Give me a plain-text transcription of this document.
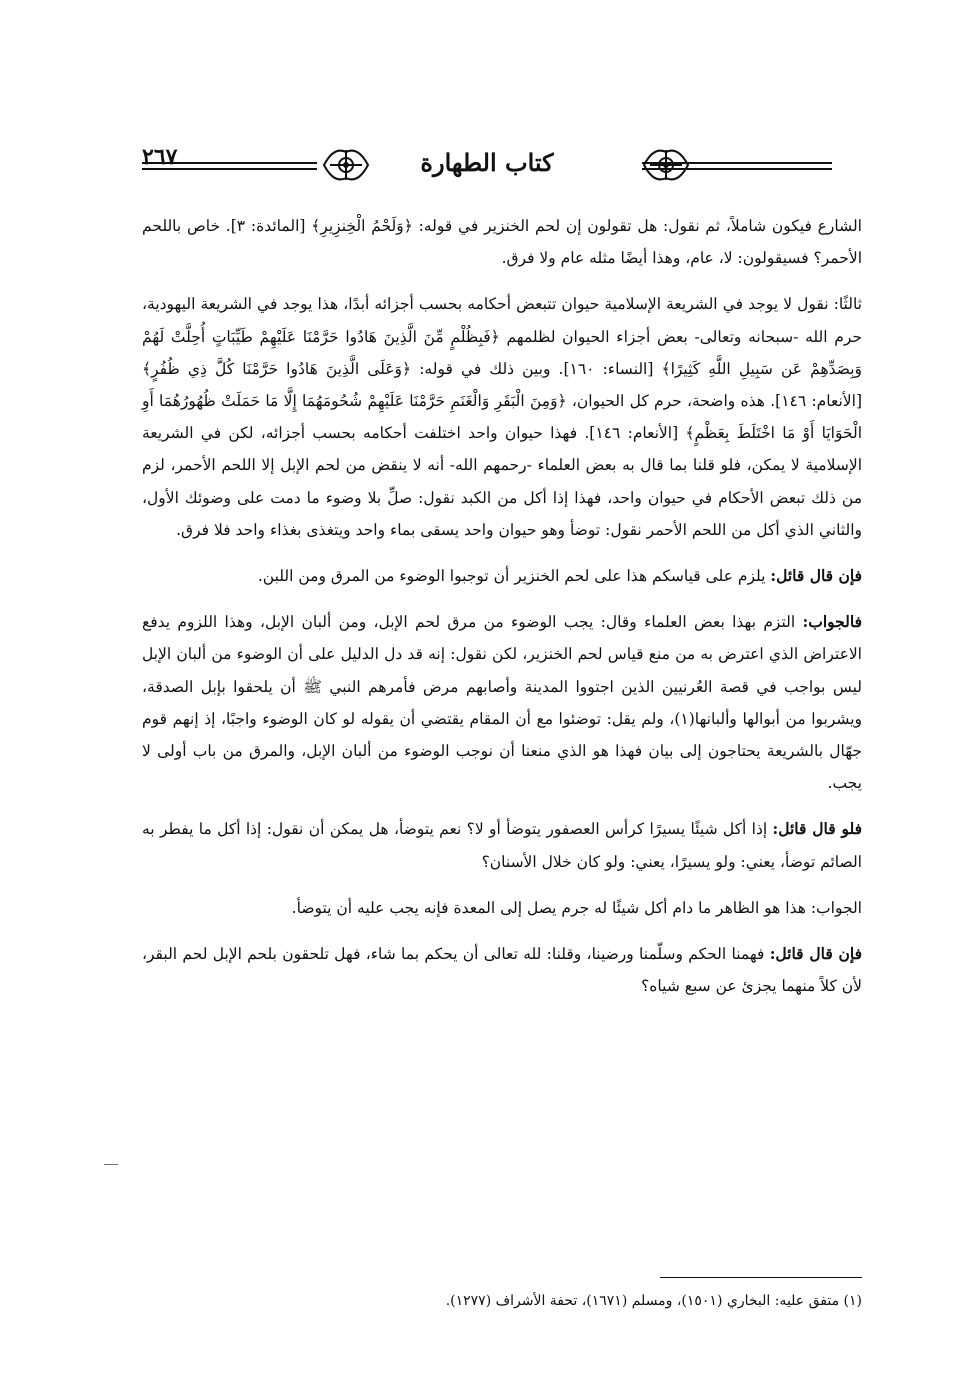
٢٦٧	كتاب الطهارة

الشارع فيكون شاملاً، ثم نقول: هل تقولون إن لحم الخنزير في قوله: ﴿وَلَحْمُ الْخِنزِيرِ﴾ [المائدة: ٣]. خاص باللحم الأحمر؟ فسيقولون: لا، عام، وهذا أيضًا مثله عام ولا فرق.

ثالثًا: نقول لا يوجد في الشريعة الإسلامية حيوان تتبعض أحكامه بحسب أجزائه أبدًا، هذا يوجد في الشريعة اليهودية، حرم الله -سبحانه وتعالى- بعض أجزاء الحيوان لظلمهم ﴿فَبِظُلْمٍ مِّنَ الَّذِينَ هَادُوا حَرَّمْنَا عَلَيْهِمْ طَيِّبَاتٍ أُحِلَّتْ لَهُمْ وَبِصَدِّهِمْ عَن سَبِيلِ اللَّهِ كَثِيرًا﴾ [النساء: ١٦٠]. وبين ذلك في قوله: ﴿وَعَلَى الَّذِينَ هَادُوا حَرَّمْنَا كُلَّ ذِي ظُفُرٍ﴾ [الأنعام: ١٤٦]. هذه واضحة، حرم كل الحيوان، ﴿وَمِنَ الْبَقَرِ وَالْغَنَمِ حَرَّمْنَا عَلَيْهِمْ شُحُومَهُمَا إِلَّا مَا حَمَلَتْ ظُهُورُهُمَا أَوِ الْحَوَايَا أَوْ مَا اخْتَلَطَ بِعَظْمٍ﴾ [الأنعام: ١٤٦]. فهذا حيوان واحد اختلفت أحكامه بحسب أجزائه، لكن في الشريعة الإسلامية لا يمكن، فلو قلنا بما قال به بعض العلماء -رحمهم الله- أنه لا ينقض من لحم الإبل إلا اللحم الأحمر، لزم من ذلك تبعض الأحكام في حيوان واحد، فهذا إذا أكل من الكبد نقول: صلِّ بلا وضوء ما دمت على وضوئك الأول، والثاني الذي أكل من اللحم الأحمر نقول: توضأ وهو حيوان واحد يسقى بماء واحد ويتغذى بغذاء واحد فلا فرق.

فإن قال قائل: يلزم على قياسكم هذا على لحم الخنزير أن توجبوا الوضوء من المرق ومن اللبن.

فالجواب: التزم بهذا بعض العلماء وقال: يجب الوضوء من مرق لحم الإبل، ومن ألبان الإبل، وهذا اللزوم يدفع الاعتراض الذي اعترض به من منع قياس لحم الخنزير، لكن نقول: إنه قد دل الدليل على أن الوضوء من ألبان الإبل ليس بواجب في قصة العُرنيين الذين اجتووا المدينة وأصابهم مرض فأمرهم النبي ﷺ أن يلحقوا بإبل الصدقة، ويشربوا من أبوالها وألبانها(١)، ولم يقل: توضئوا مع أن المقام يقتضي أن يقوله لو كان الوضوء واجبًا، إذ إنهم قوم جهّال بالشريعة يحتاجون إلى بيان فهذا هو الذي منعنا أن نوجب الوضوء من ألبان الإبل، والمرق من باب أولى لا يجب.

فلو قال قائل: إذا أكل شيئًا يسيرًا كرأس العصفور يتوضأ أو لا؟ نعم يتوضأ، هل يمكن أن نقول: إذا أكل ما يفطر به الصائم توضأ، يعني: ولو يسيرًا، يعني: ولو كان خلال الأسنان؟

الجواب: هذا هو الظاهر ما دام أكل شيئًا له جرم يصل إلى المعدة فإنه يجب عليه أن يتوضأ.

فإن قال قائل: فهمنا الحكم وسلّمنا ورضينا، وقلنا: لله تعالى أن يحكم بما شاء، فهل تلحقون بلحم الإبل لحم البقر، لأن كلاً منهما يجزئ عن سبع شياه؟

(١) متفق عليه: البخاري (١٥٠١)، ومسلم (١٦٧١)، تحفة الأشراف (١٢٧٧).
